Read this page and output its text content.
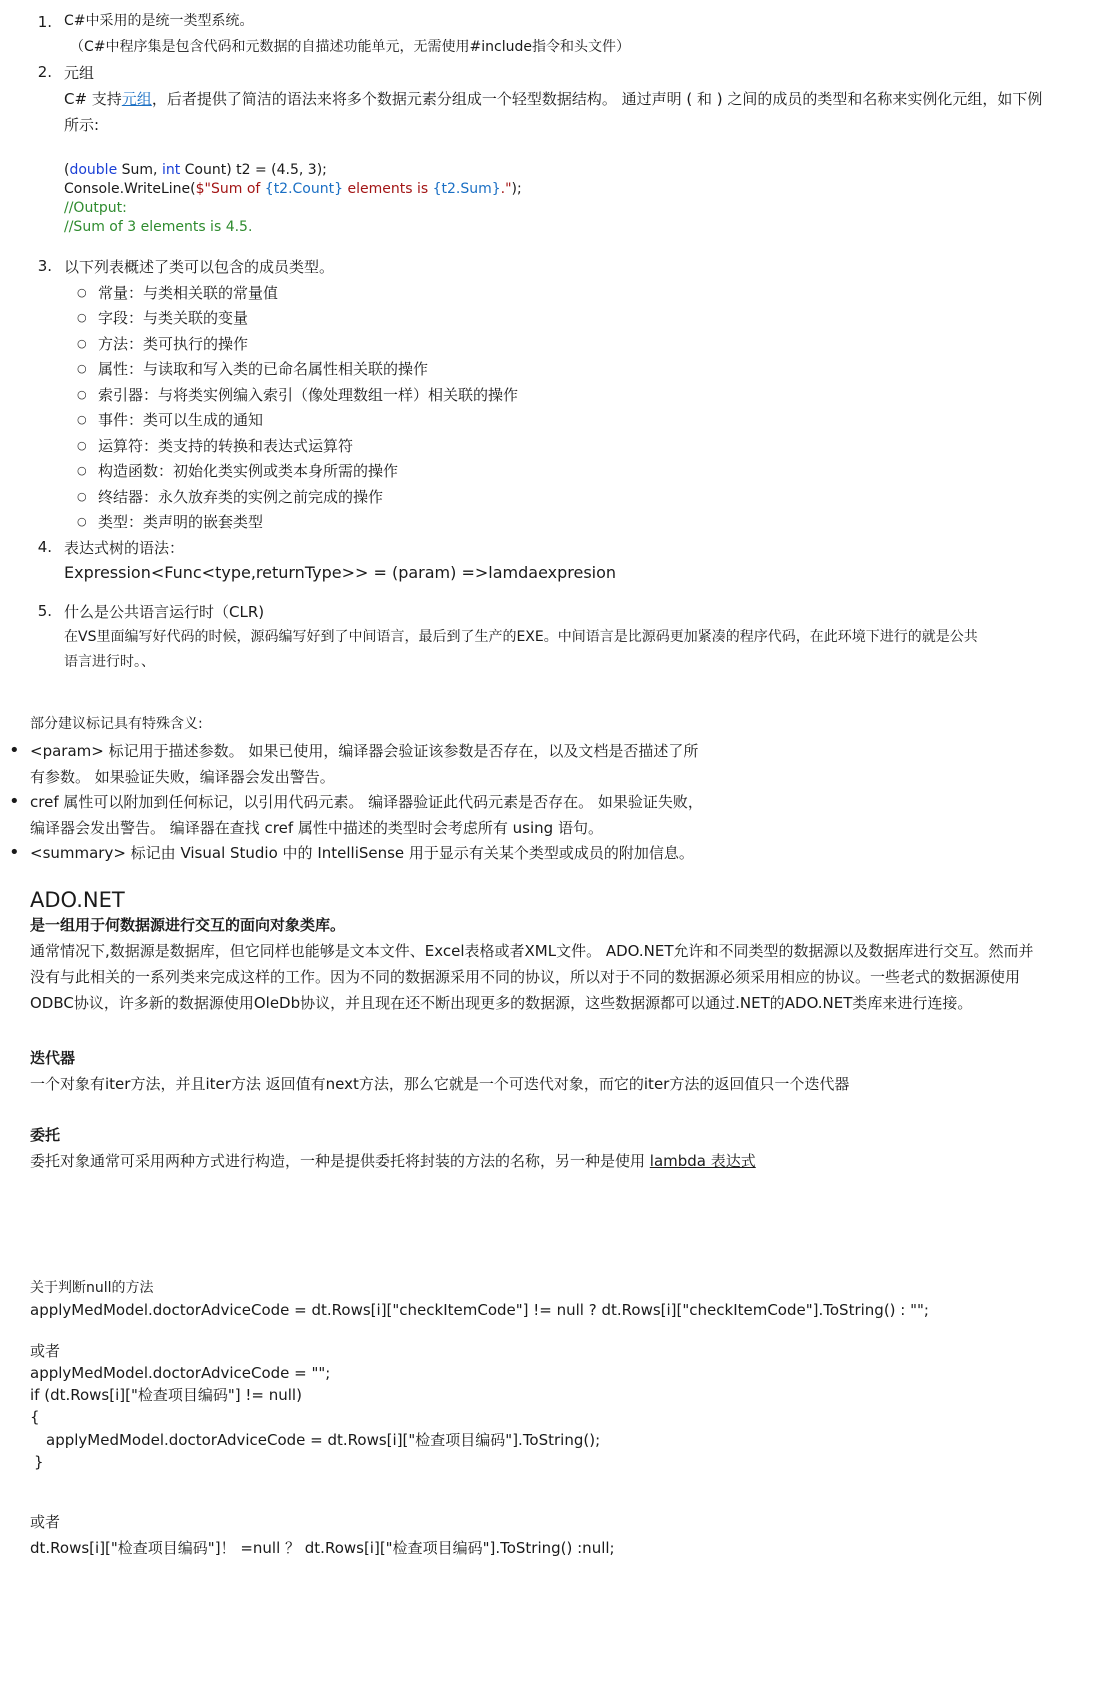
1. C#中采用的是统一类型系统。
（C#中程序集是包含代码和元数据的自描述功能单元，无需使用#include指令和头文件）
2. 元组
C# 支持元组，后者提供了简洁的语法来将多个数据元素分组成一个轻型数据结构。 通过声明 ( 和 ) 之间的成员的类型和名称来实例化元组，如下例
所示:
(double Sum, int Count) t2 = (4.5, 3);
Console.WriteLine($"Sum of {t2.Count} elements is {t2.Sum}.");
//Output:
//Sum of 3 elements is 4.5.
3. 以下列表概述了类可以包含的成员类型。
○ 常量：与类相关联的常量值
○ 字段：与类关联的变量
○ 方法：类可执行的操作
○ 属性：与读取和写入类的已命名属性相关联的操作
○ 索引器：与将类实例编入索引（像处理数组一样）相关联的操作
○ 事件：类可以生成的通知
○ 运算符：类支持的转换和表达式运算符
○ 构造函数：初始化类实例或类本身所需的操作
○ 终结器：永久放弃类的实例之前完成的操作
○ 类型：类声明的嵌套类型
4. 表达式树的语法：
Expression<Func<type,returnType>> = (param) =>lamdaexpresion
5. 什么是公共语言运行时（CLR)
在VS里面编写好代码的时候，源码编写好到了中间语言，最后到了生产的EXE。中间语言是比源码更加紧凑的程序代码，在此环境下进行的就是公共
语言进行时。、
部分建议标记具有特殊含义:
• <param> 标记用于描述参数。 如果已使用，编译器会验证该参数是否存在，以及文档是否描述了所
有参数。 如果验证失败，编译器会发出警告。
• cref 属性可以附加到任何标记，以引用代码元素。 编译器验证此代码元素是否存在。 如果验证失败，
编译器会发出警告。 编译器在查找 cref 属性中描述的类型时会考虑所有 using 语句。
• <summary> 标记由 Visual Studio 中的 IntelliSense 用于显示有关某个类型或成员的附加信息。
ADO.NET
是一组用于何数据源进行交互的面向对象类库。
通常情况下,数据源是数据库，但它同样也能够是文本文件、Excel表格或者XML文件。 ADO.NET允许和不同类型的数据源以及数据库进行交互。然而并
没有与此相关的一系列类来完成这样的工作。因为不同的数据源采用不同的协议，所以对于不同的数据源必须采用相应的协议。一些老式的数据源使用
ODBC协议，许多新的数据源使用OleDb协议，并且现在还不断出现更多的数据源，这些数据源都可以通过.NET的ADO.NET类库来进行连接。
迭代器
一个对象有iter方法，并且iter方法 返回值有next方法，那么它就是一个可迭代对象，而它的iter方法的返回值只一个迭代器
委托
委托对象通常可采用两种方式进行构造，一种是提供委托将封装的方法的名称，另一种是使用 lambda 表达式
关于判断null的方法
applyMedModel.doctorAdviceCode = dt.Rows[i]["checkItemCode"] != null ? dt.Rows[i]["checkItemCode"].ToString() : "";
或者
applyMedModel.doctorAdviceCode = "";
if (dt.Rows[i]["检查项目编码"] != null)
{
applyMedModel.doctorAdviceCode = dt.Rows[i]["检查项目编码"].ToString();
}
或者
dt.Rows[i]["检查项目编码"]！ =null ？ dt.Rows[i]["检查项目编码"].ToString() :null;
